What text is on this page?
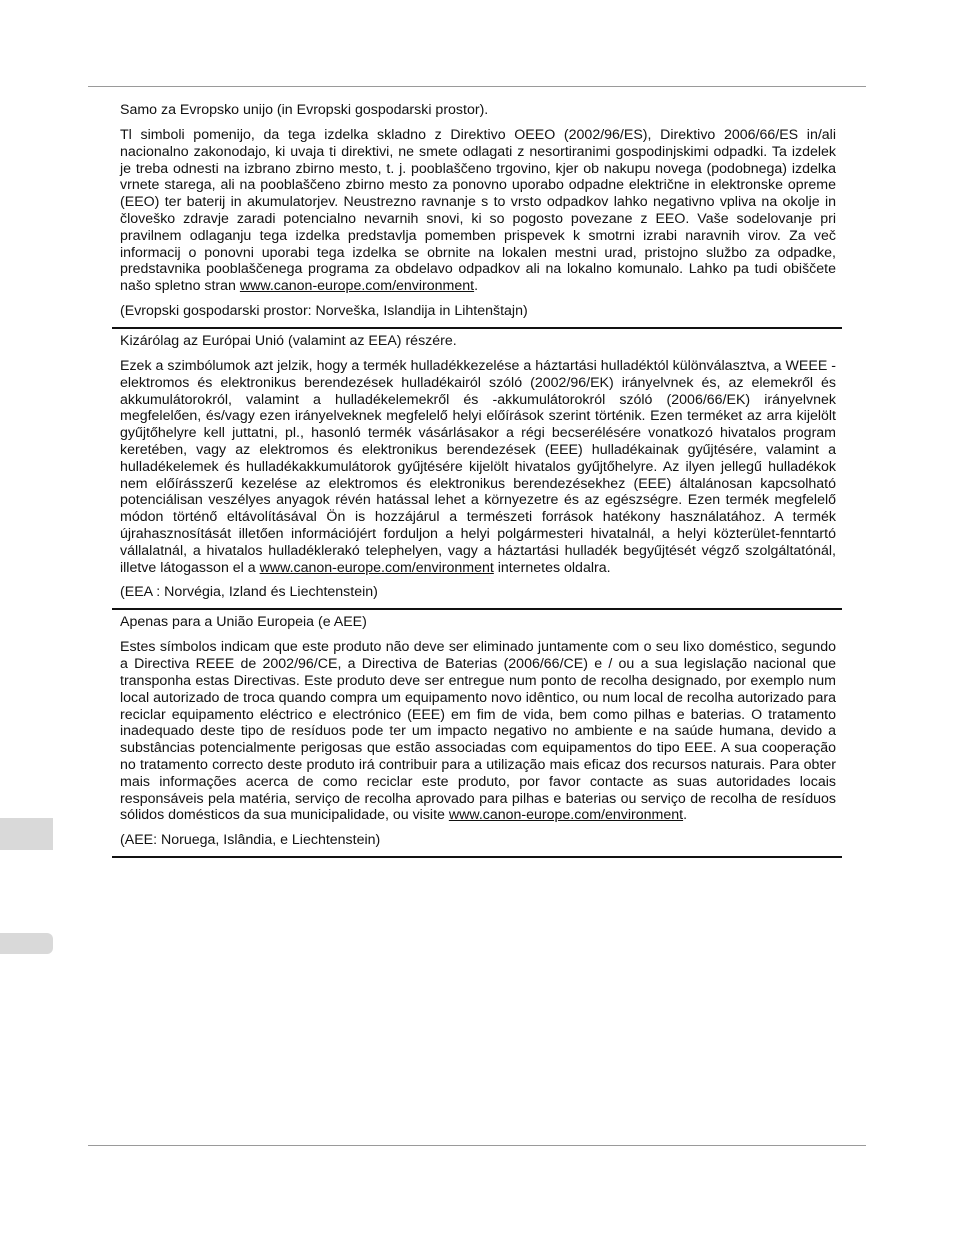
Samo za Evropsko unijo (in Evropski gospodarski prostor).

Tl simboli pomenijo, da tega izdelka skladno z Direktivo OEEO (2002/96/ES), Direktivo 2006/66/ES in/ali nacionalno zakonodajo, ki uvaja ti direktivi, ne smete odlagati z nesortiranimi gospodinjskimi odpadki. Ta izdelek je treba odnesti na izbrano zbirno mesto, t. j. pooblaščeno trgovino, kjer ob nakupu novega (podobnega) izdelka vrnete starega, ali na pooblaščeno zbirno mesto za ponovno uporabo odpadne električne in elektronske opreme (EEO) ter baterij in akumulatorjev. Neustrezno ravnanje s to vrsto odpadkov lahko negativno vpliva na okolje in človeško zdravje zaradi potencialno nevarnih snovi, ki so pogosto povezane z EEO. Vaše sodelovanje pri pravilnem odlaganju tega izdelka predstavlja pomemben prispevek k smotrni izrabi naravnih virov. Za več informacij o ponovni uporabi tega izdelka se obrnite na lokalen mestni urad, pristojno službo za odpadke, predstavnika pooblaščenega programa za obdelavo odpadkov ali na lokalno komunalo. Lahko pa tudi obiščete našo spletno stran www.canon-europe.com/environment.

(Evropski gospodarski prostor: Norveška, Islandija in Lihtenštajn)

Kizárólag az Európai Unió (valamint az EEA) részére.

Ezek a szimbólumok azt jelzik, hogy a termék hulladékkezelése a háztartási hulladéktól különválasztva, a WEEE - elektromos és elektronikus berendezések hulladékairól szóló (2002/96/EK) irányelvnek és, az elemekről és akkumulátorokról, valamint a hulladékelemekről és -akkumulátorokról szóló (2006/66/EK) irányelvnek megfelelően, és/vagy ezen irányelveknek megfelelő helyi előírások szerint történik. Ezen terméket az arra kijelölt gyűjtőhelyre kell juttatni, pl., hasonló termék vásárlásakor a régi becserélésére vonatkozó hivatalos program keretében, vagy az elektromos és elektronikus berendezések (EEE) hulladékainak gyűjtésére, valamint a hulladékelemek és hulladékakkumulátorok gyűjtésére kijelölt hivatalos gyűjtőhelyre. Az ilyen jellegű hulladékok nem előírásszerű kezelése az elektromos és elektronikus berendezésekhez (EEE) általánosan kapcsolható potenciálisan veszélyes anyagok révén hatással lehet a környezetre és az egészségre. Ezen termék megfelelő módon történő eltávolításával Ön is hozzájárul a természeti források hatékony használatához. A termék újrahasznosítását illetően információjért forduljon a helyi polgármesteri hivatalnál, a helyi közterület-fenntartó vállalatnál, a hivatalos hulladéklerakó telephelyen, vagy a háztartási hulladék begyűjtését végző szolgáltatónál, illetve látogasson el a www.canon-europe.com/environment internetes oldalra.

(EEA : Norvégia, Izland és Liechtenstein)

Apenas para a União Europeia (e AEE)

Estes símbolos indicam que este produto não deve ser eliminado juntamente com o seu lixo doméstico, segundo a Directiva REEE de 2002/96/CE, a Directiva de Baterias (2006/66/CE) e / ou a sua legislação nacional que transponha estas Directivas. Este produto deve ser entregue num ponto de recolha designado, por exemplo num local autorizado de troca quando compra um equipamento novo idêntico, ou num local de recolha autorizado para reciclar equipamento eléctrico e electrónico (EEE) em fim de vida, bem como pilhas e baterias. O tratamento inadequado deste tipo de resíduos pode ter um impacto negativo no ambiente e na saúde humana, devido a substâncias potencialmente perigosas que estão associadas com equipamentos do tipo EEE. A sua cooperação no tratamento correcto deste produto irá contribuir para a utilização mais eficaz dos recursos naturais. Para obter mais informações acerca de como reciclar este produto, por favor contacte as suas autoridades locais responsáveis pela matéria, serviço de recolha aprovado para pilhas e baterias ou serviço de recolha de resíduos sólidos domésticos da sua municipalidade, ou visite www.canon-europe.com/environment.

(AEE: Noruega, Islândia, e Liechtenstein)
